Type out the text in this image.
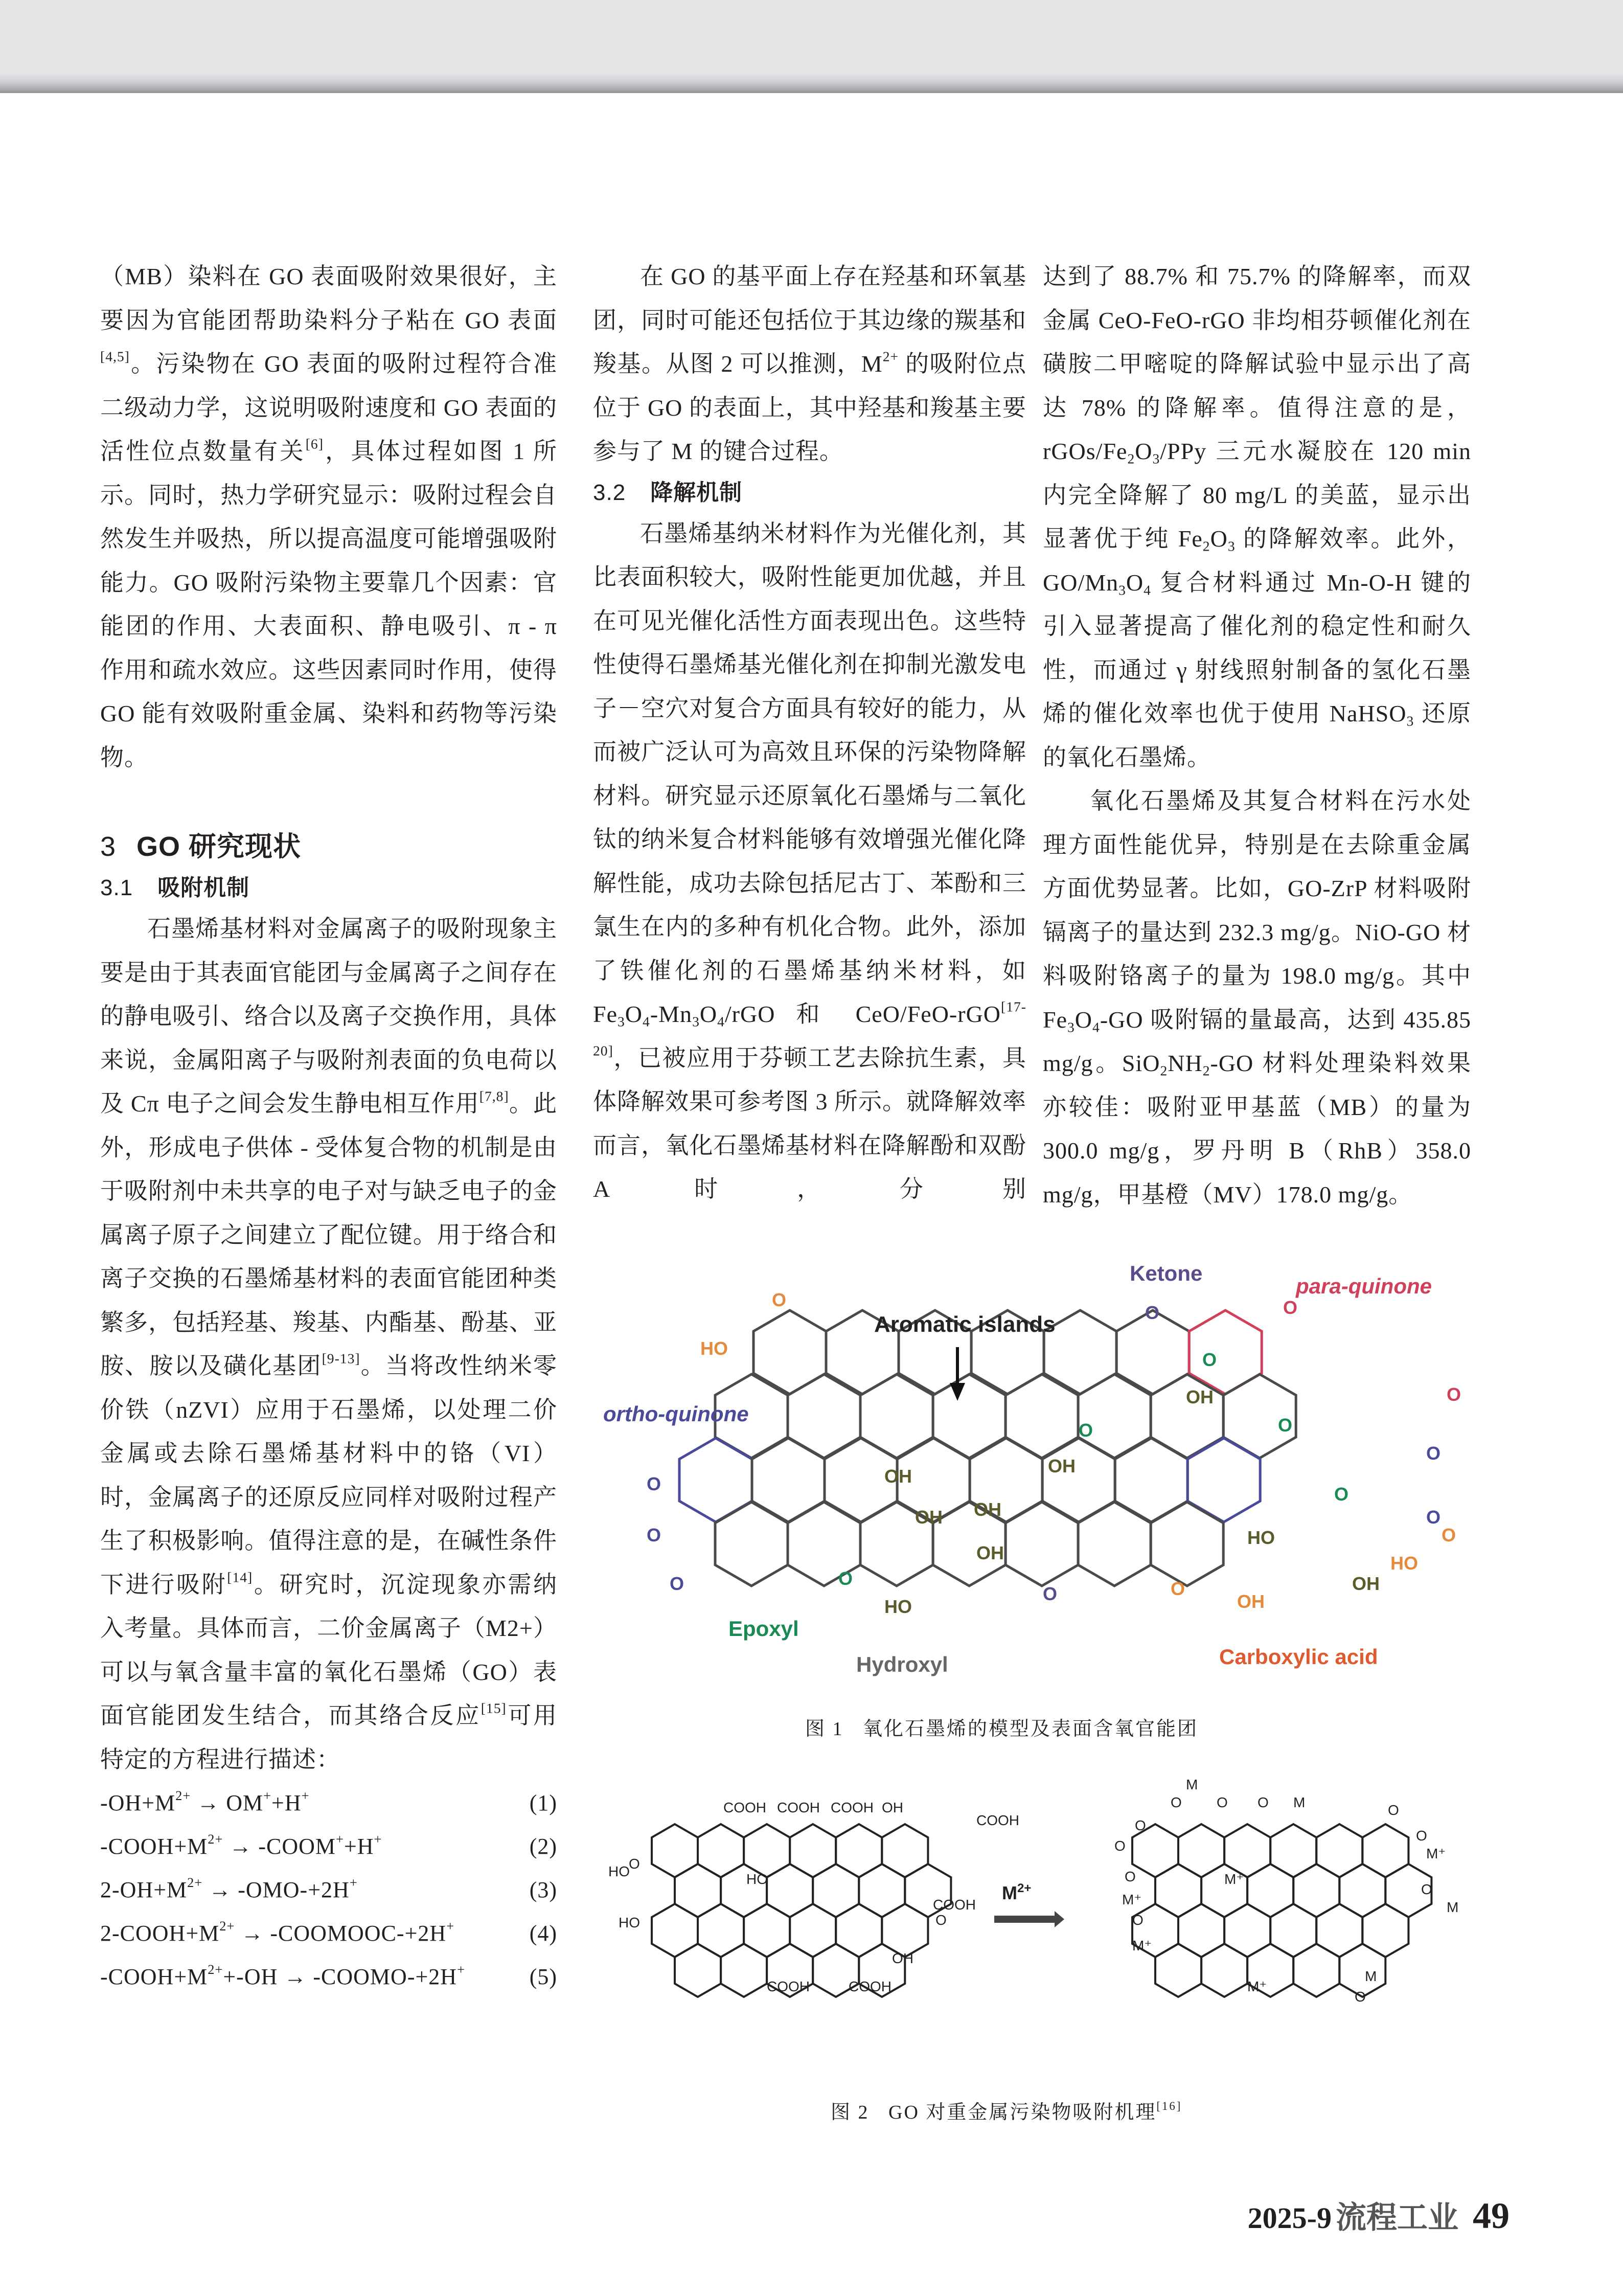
（MB）染料在 GO 表面吸附效果很好，主要因为官能团帮助染料分子粘在 GO 表面[4,5]。污染物在 GO 表面的吸附过程符合准二级动力学，这说明吸附速度和 GO 表面的活性位点数量有关[6]，具体过程如图 1 所示。同时，热力学研究显示：吸附过程会自然发生并吸热，所以提高温度可能增强吸附能力。GO 吸附污染物主要靠几个因素：官能团的作用、大表面积、静电吸引、π - π 作用和疏水效应。这些因素同时作用，使得 GO 能有效吸附重金属、染料和药物等污染物。

3 GO 研究现状
3.1 吸附机制

石墨烯基材料对金属离子的吸附现象主要是由于其表面官能团与金属离子之间存在的静电吸引、络合以及离子交换作用，具体来说，金属阳离子与吸附剂表面的负电荷以及 Cπ 电子之间会发生静电相互作用[7,8]。此外，形成电子供体 - 受体复合物的机制是由于吸附剂中未共享的电子对与缺乏电子的金属离子原子之间建立了配位键。用于络合和离子交换的石墨烯基材料的表面官能团种类繁多，包括羟基、羧基、内酯基、酚基、亚胺、胺以及磺化基团[9-13]。当将改性纳米零价铁（nZVI）应用于石墨烯，以处理二价金属或去除石墨烯基材料中的铬（VI）时，金属离子的还原反应同样对吸附过程产生了积极影响。值得注意的是，在碱性条件下进行吸附[14]。研究时，沉淀现象亦需纳入考量。具体而言，二价金属离子（M2+）可以与氧含量丰富的氧化石墨烯（GO）表面官能团发生结合，而其络合反应[15]可用特定的方程进行描述：

$-OH+M^{2+} \to OM^++H^+$	(1)
$-COOH+M^{2+}$ → -COOM++H+	(2)
$2-OH+M^{2+} \to -OMO-+2H^+$	(3)
$2-COOH+M^{2+}$ → -COOMOOC-+2H+	(4)
$-COOH+M^{2+}+-OH$ → -COOMO-+2H+	(5)

在 GO 的基平面上存在羟基和环氧基团，同时可能还包括位于其边缘的羰基和羧基。从图 2 可以推测，$M^{2+}$ 的吸附位点位于 GO 的表面上，其中羟基和羧基主要参与了 M 的键合过程。

3.2 降解机制

石墨烯基纳米材料作为光催化剂，其比表面积较大，吸附性能更加优越，并且在可见光催化活性方面表现出色。这些特性使得石墨烯基光催化剂在抑制光激发电子－空穴对复合方面具有较好的能力，从而被广泛认可为高效且环保的污染物降解材料。研究显示还原氧化石墨烯与二氧化钛的纳米复合材料能够有效增强光催化降解性能，成功去除包括尼古丁、苯酚和三氯生在内的多种有机化合物。此外，添加了铁催化剂的石墨烯基纳米材料，如 $Fe_3O_4-Mn_3O_4$/rGO 和 CeO/FeO-rGO[17-20]，已被应用于芬顿工艺去除抗生素，具体降解效果可参考图 3 所示。就降解效率而言，氧化石墨烯基材料在降解酚和双酚 A 时，分别

达到了 88.7% 和 75.7% 的降解率，而双金属 CeO-FeO-rGO 非均相芬顿催化剂在磺胺二甲嘧啶的降解试验中显示出了高达 78% 的降解率。值得注意的是，rGOs/$Fe_2O_3$/PPy 三元水凝胶在 120 min 内完全降解了 80 mg/L 的美蓝，显示出显著优于纯 $Fe_2O_3$ 的降解效率。此外，$GO/Mn_3O_4$ 复合材料通过 Mn-O-H 键的引入显著提高了催化剂的稳定性和耐久性，而通过 γ 射线照射制备的氢化石墨烯的催化效率也优于使用 NaHSO$_3$ 还原的氧化石墨烯。

氧化石墨烯及其复合材料在污水处理方面性能优异，特别是在去除重金属方面优势显著。比如，GO-ZrP 材料吸附镉离子的量达到 232.3 mg/g。NiO-GO 材料吸附铬离子的量为 198.0 mg/g。其中 $Fe_3O_4-GO$ 吸附镉的量最高，达到 435.85 mg/g。$SiO_2NH_2-GO$ 材料处理染料效果亦较佳：吸附亚甲基蓝（MB）的量为 300.0 mg/g，罗丹明 B（RhB）358.0 mg/g，甲基橙（MV）178.0 mg/g。

Aromatic islands
Ketone
para-quinone
ortho-quinone
Epoxyl
Hydroxyl	Carboxylic acid
O
HO
O
O
O
O
O
O
O
O
O
OH
O	O
OH
OH
OH
O
O
HO
HO
OH
OH
OH
HO
O	O
OH
O
图 1 氧化石墨烯的模型及表面含氧官能团
$M^{2+}$
COOH COOH COOH OH
COOH
O
HO	HO
COOH
HO	O
COOH	COOH
OH
M
O O O M
O
O
O
M⁺
O
O
M⁺
M⁺
O
M
O
M⁺
M⁺
M
O
图 2 GO 对重金属污染物吸附机理[16]
2025-9 流程工业 49
